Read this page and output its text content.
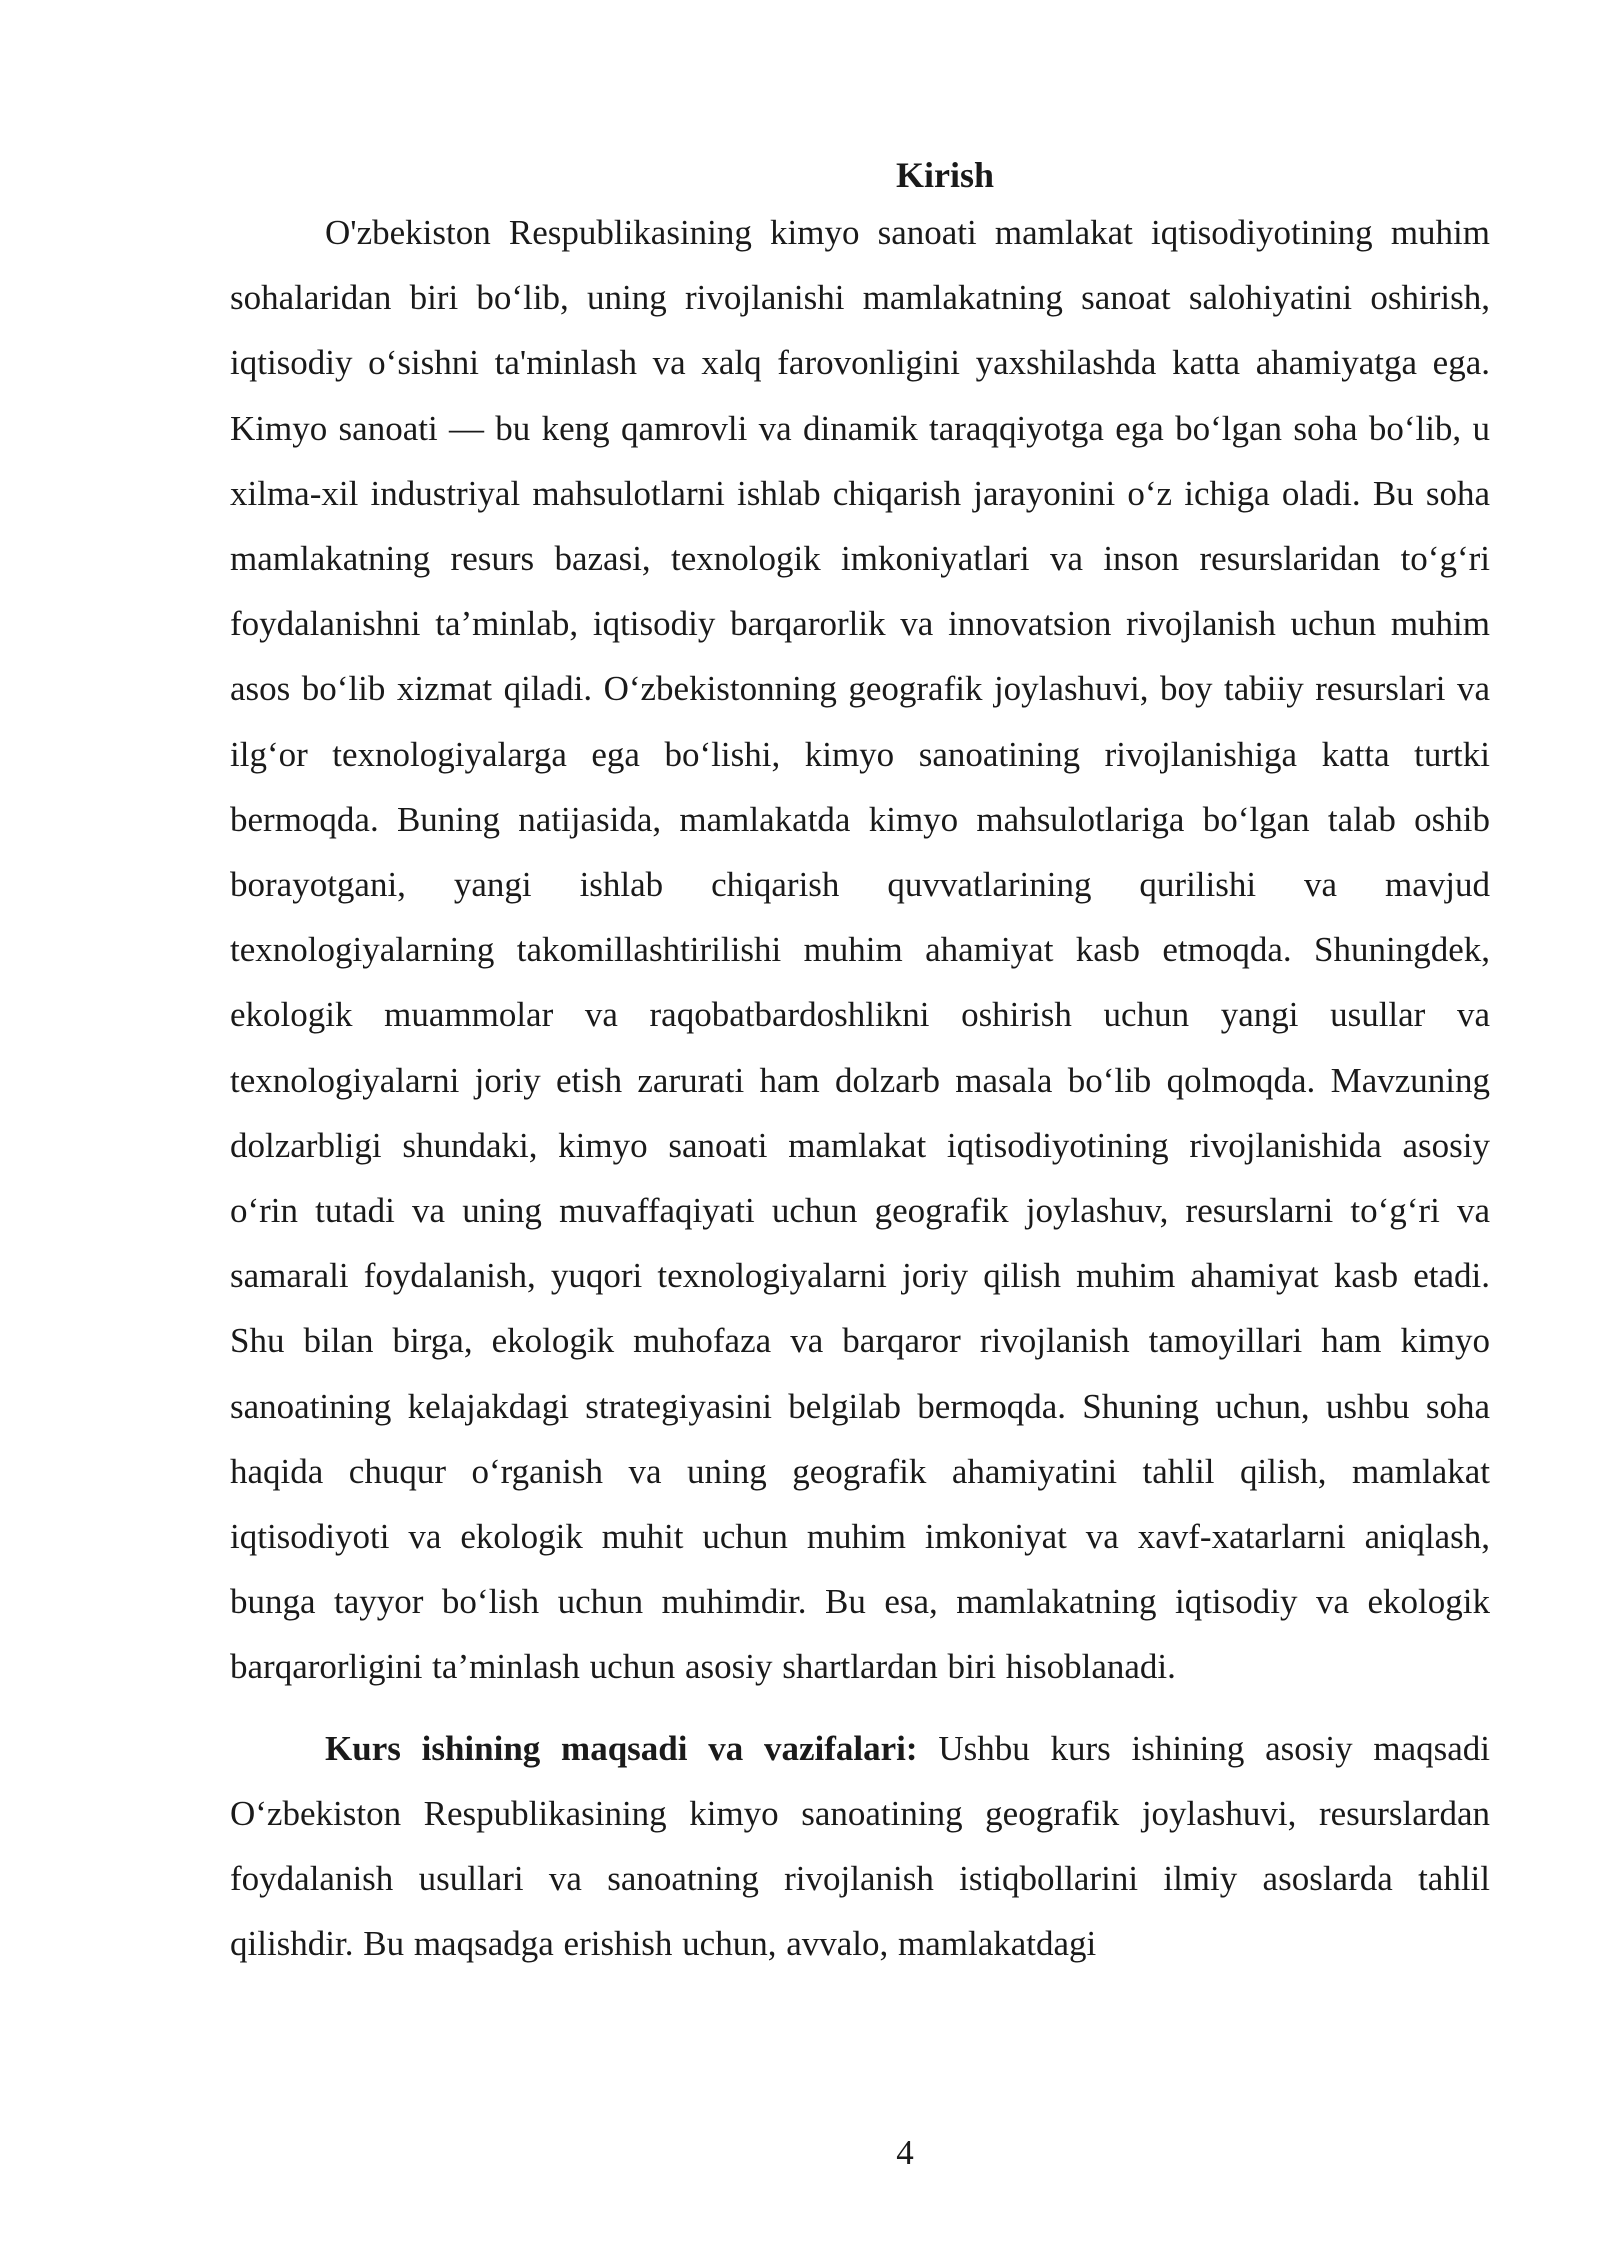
Kirish

O'zbekiston Respublikasining kimyo sanoati mamlakat iqtisodiyotining muhim sohalaridan biri bo‘lib, uning rivojlanishi mamlakatning sanoat salohiyatini oshirish, iqtisodiy o‘sishni ta'minlash va xalq farovonligini yaxshilashda katta ahamiyatga ega. Kimyo sanoati — bu keng qamrovli va dinamik taraqqiyotga ega bo‘lgan soha bo‘lib, u xilma-xil industriyal mahsulotlarni ishlab chiqarish jarayonini o‘z ichiga oladi. Bu soha mamlakatning resurs bazasi, texnologik imkoniyatlari va inson resurslaridan to‘g‘ri foydalanishni ta’minlab, iqtisodiy barqarorlik va innovatsion rivojlanish uchun muhim asos bo‘lib xizmat qiladi. O‘zbekistonning geografik joylashuvi, boy tabiiy resurslari va ilg‘or texnologiyalarga ega bo‘lishi, kimyo sanoatining rivojlanishiga katta turtki bermoqda. Buning natijasida, mamlakatda kimyo mahsulotlariga bo‘lgan talab oshib borayotgani, yangi ishlab chiqarish quvvatlarining qurilishi va mavjud texnologiyalarning takomillashtirilishi muhim ahamiyat kasb etmoqda. Shuningdek, ekologik muammolar va raqobatbardoshlikni oshirish uchun yangi usullar va texnologiyalarni joriy etish zarurati ham dolzarb masala bo‘lib qolmoqda. Mavzuning dolzarbligi shundaki, kimyo sanoati mamlakat iqtisodiyotining rivojlanishida asosiy o‘rin tutadi va uning muvaffaqiyati uchun geografik joylashuv, resurslarni to‘g‘ri va samarali foydalanish, yuqori texnologiyalarni joriy qilish muhim ahamiyat kasb etadi. Shu bilan birga, ekologik muhofaza va barqaror rivojlanish tamoyillari ham kimyo sanoatining kelajakdagi strategiyasini belgilab bermoqda. Shuning uchun, ushbu soha haqida chuqur o‘rganish va uning geografik ahamiyatini tahlil qilish, mamlakat iqtisodiyoti va ekologik muhit uchun muhim imkoniyat va xavf-xatarlarni aniqlash, bunga tayyor bo‘lish uchun muhimdir. Bu esa, mamlakatning iqtisodiy va ekologik barqarorligini ta’minlash uchun asosiy shartlardan biri hisoblanadi.

Kurs ishining maqsadi va vazifalari: Ushbu kurs ishining asosiy maqsadi O‘zbekiston Respublikasining kimyo sanoatining geografik joylashuvi, resurslardan foydalanish usullari va sanoatning rivojlanish istiqbollarini ilmiy asoslarda tahlil qilishdir. Bu maqsadga erishish uchun, avvalo, mamlakatdagi

4
